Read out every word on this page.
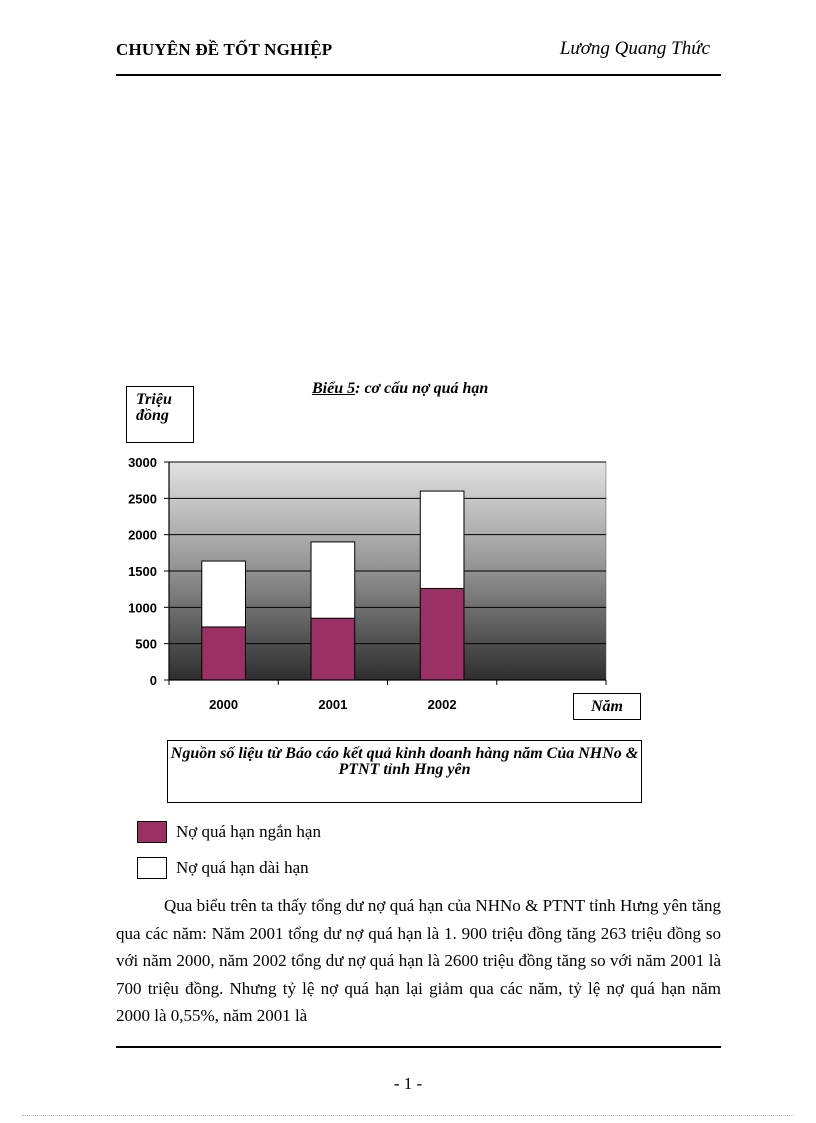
CHUYÊN ĐỀ TỐT NGHIỆP	Lương Quang Thức
0
500
1000
1500
2000
2500
3000
2000	2001	2002
Triệu đồng
Biểu 5: cơ cấu nợ quá hạn
Năm
Nguồn số liệu từ Báo cáo kết quả kinh doanh hàng năm Của NHNo & PTNT tỉnh Hng yên
Nợ quá hạn ngắn hạn
Nợ quá hạn dài hạn
Qua biểu trên ta thấy tổng dư nợ quá hạn của NHNo & PTNT tỉnh Hưng yên tăng qua các năm: Năm 2001 tổng dư nợ quá hạn là 1. 900 triệu đồng tăng 263 triệu đồng so với năm 2000, năm 2002 tổng dư nợ quá hạn là 2600 triệu đồng tăng so với năm 2001 là 700 triệu đồng. Nhưng tỷ lệ nợ quá hạn lại giảm qua các năm, tỷ lệ nợ quá hạn năm 2000 là 0,55%, năm 2001 là
- 1 -
